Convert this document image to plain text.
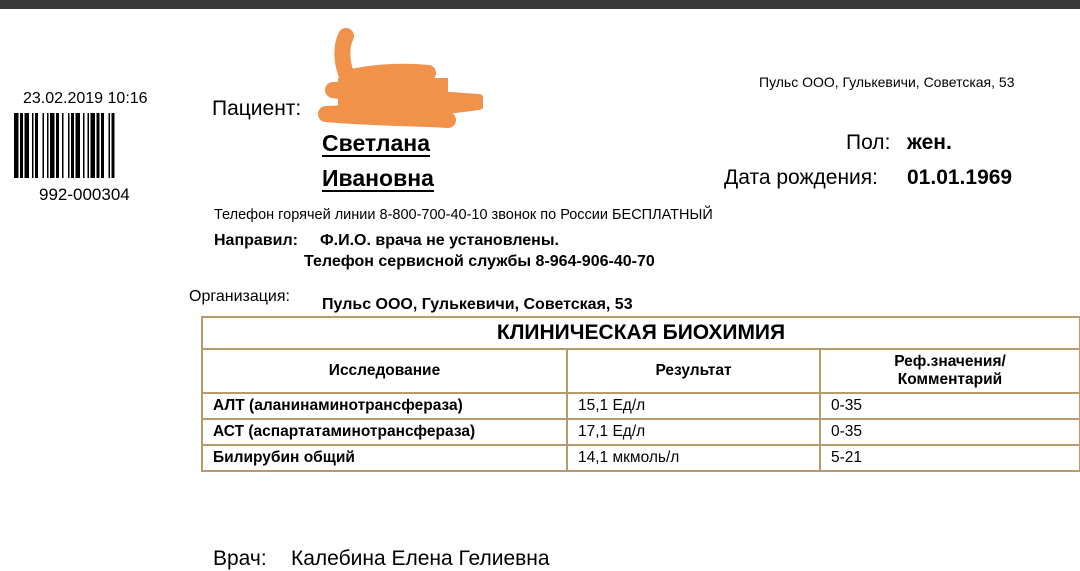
23.02.2019 10:16
992-000304
Пульс ООО, Гулькевичи, Советская, 53
Пациент:
Светлана
Ивановна
Пол: жен.
Дата рождения: 01.01.1969
Телефон горячей линии 8-800-700-40-10 звонок по России БЕСПЛАТНЫЙ
Направил: Ф.И.О. врача не установлены.
Телефон сервисной службы 8-964-906-40-70
Организация: Пульс ООО, Гулькевичи, Советская, 53
КЛИНИЧЕСКАЯ БИОХИМИЯ		
Исследование	Результат	Реф.значения/
Комментарий
АЛТ (аланинаминотрансфераза)	15,1 Ед/л	0-35
АСТ (аспартатаминотрансфераза)	17,1 Ед/л	0-35
Билирубин общий	14,1 мкмоль/л	5-21
Врач: Калебина Елена Гелиевна
